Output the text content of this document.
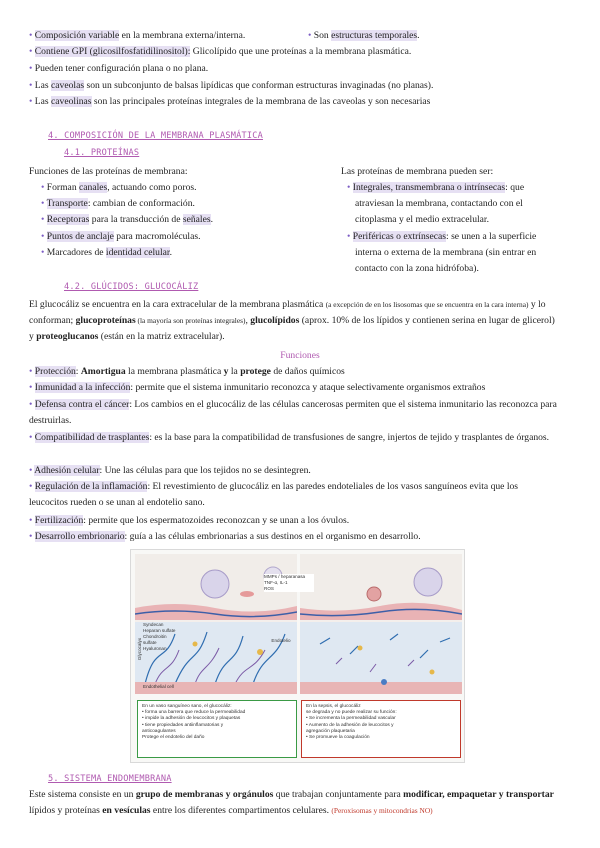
• Composición variable en la membrana externa/interna.	• Son estructuras temporales.
• Contiene GPI (glicosilfosfatidilinositol): Glicolípido que une proteínas a la membrana plasmática.
• Pueden tener configuración plana o no plana.
• Las caveolas son un subconjunto de balsas lipídicas que conforman estructuras invaginadas (no planas).
• Las caveolinas son las principales proteínas integrales de la membrana de las caveolas y son necesarias
4. COMPOSICIÓN DE LA MEMBRANA PLASMÁTICA
4.1. PROTEÍNAS
Funciones de las proteínas de membrana:
• Forman canales, actuando como poros.
• Transporte: cambian de conformación.
• Receptoras para la transducción de señales.
• Puntos de anclaje para macromoléculas.
• Marcadores de identidad celular.
Las proteínas de membrana pueden ser:
• Integrales, transmembrana o intrínsecas: que
atraviesan la membrana, contactando con el
citoplasma y el medio extracelular.
• Periféricas o extrínsecas: se unen a la superficie
interna o externa de la membrana (sin entrar en
contacto con la zona hidrófoba).
4.2. GLÚCIDOS: GLUCOCÁLIZ
El glucocáliz se encuentra en la cara extracelular de la membrana plasmática (a excepción de en los lisosomas que se encuentra en la cara interna) y lo conforman; glucoproteínas (la mayoría son proteínas integrales), glucolípidos (aprox. 10% de los lípidos y contienen serina en lugar de glicerol) y proteoglucanos (están en la matriz extracelular).
Funciones
• Protección: Amortigua la membrana plasmática y la protege de daños químicos
• Inmunidad a la infección: permite que el sistema inmunitario reconozca y ataque selectivamente organismos extraños
• Defensa contra el cáncer: Los cambios en el glucocáliz de las células cancerosas permiten que el sistema inmunitario las reconozca para destruirlas.
• Compatibilidad de trasplantes: es la base para la compatibilidad de transfusiones de sangre, injertos de tejido y trasplantes de órganos.
• Adhesión celular: Une las células para que los tejidos no se desintegren.
• Regulación de la inflamación: El revestimiento de glucocáliz en las paredes endoteliales de los vasos sanguíneos evita que los leucocitos rueden o se unan al endotelio sano.
• Fertilización: permite que los espermatozoides reconozcan y se unan a los óvulos.
• Desarrollo embrionario: guía a las células embrionarias a sus destinos en el organismo en desarrollo.
MMPs / heparanasa
TNF-α, IL-1
ROS
Endotelio
Glycocalyx
Syndecan
Heparan sulfate
Chondroitin sulfate
Hyaluronan
Endothelial cell
En un vaso sanguíneo sano, el glucocáliz:
• forma una barrera que reduce la permeabilidad
• impide la adhesión de leucocitos y plaquetas
• tiene propiedades antiinflamatorias y
anticoagulantes
Protege el endotelio del daño
En la sepsis, el glucocáliz
se degrada y no puede realizar su función:
• Se incrementa la permeabilidad vascular
• Aumento de la adhesión de leucocitos y
agregación plaquetaria
• Se promueve la coagulación
5. SISTEMA ENDOMEMBRANA
Este sistema consiste en un grupo de membranas y orgánulos que trabajan conjuntamente para modificar, empaquetar y transportar lípidos y proteínas en vesículas entre los diferentes compartimentos celulares. (Peroxisomas y mitocondrias NO)
